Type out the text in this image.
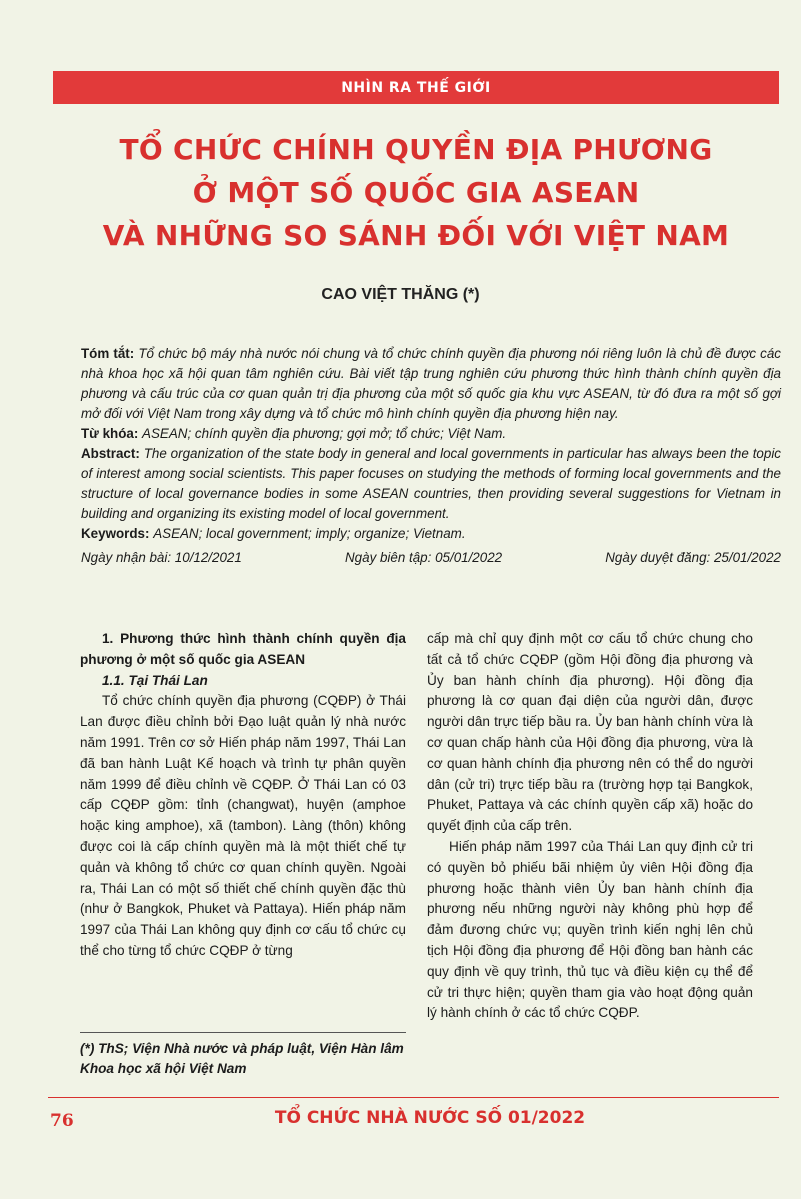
NHÌN RA THẾ GIỚI
TỔ CHỨC CHÍNH QUYỀN ĐỊA PHƯƠNG
Ở MỘT SỐ QUỐC GIA ASEAN
VÀ NHỮNG SO SÁNH ĐỐI VỚI VIỆT NAM
CAO VIỆT THĂNG (*)

Tóm tắt: Tổ chức bộ máy nhà nước nói chung và tổ chức chính quyền địa phương nói riêng luôn là chủ đề được các nhà khoa học xã hội quan tâm nghiên cứu. Bài viết tập trung nghiên cứu phương thức hình thành chính quyền địa phương và cấu trúc của cơ quan quản trị địa phương của một số quốc gia khu vực ASEAN, từ đó đưa ra một số gợi mở đối với Việt Nam trong xây dựng và tổ chức mô hình chính quyền địa phương hiện nay.

Từ khóa: ASEAN; chính quyền địa phương; gợi mở; tổ chức; Việt Nam.

Abstract: The organization of the state body in general and local governments in particular has always been the topic of interest among social scientists. This paper focuses on studying the methods of forming local governments and the structure of local governance bodies in some ASEAN countries, then providing several suggestions for Vietnam in building and organizing its existing model of local government.

Keywords: ASEAN; local government; imply; organize; Vietnam.

Ngày nhận bài: 10/12/2021	Ngày biên tập: 05/01/2022	Ngày duyệt đăng: 25/01/2022

1. Phương thức hình thành chính quyền địa phương ở một số quốc gia ASEAN

1.1. Tại Thái Lan

Tổ chức chính quyền địa phương (CQĐP) ở Thái Lan được điều chỉnh bởi Đạo luật quản lý nhà nước năm 1991. Trên cơ sở Hiến pháp năm 1997, Thái Lan đã ban hành Luật Kế hoạch và trình tự phân quyền năm 1999 để điều chỉnh về CQĐP. Ở Thái Lan có 03 cấp CQĐP gồm: tỉnh (changwat), huyện (amphoe hoặc king amphoe), xã (tambon). Làng (thôn) không được coi là cấp chính quyền mà là một thiết chế tự quản và không tổ chức cơ quan chính quyền. Ngoài ra, Thái Lan có một số thiết chế chính quyền đặc thù (như ở Bangkok, Phuket và Pattaya). Hiến pháp năm 1997 của Thái Lan không quy định cơ cấu tổ chức cụ thể cho từng tổ chức CQĐP ở từng

cấp mà chỉ quy định một cơ cấu tổ chức chung cho tất cả tổ chức CQĐP (gồm Hội đồng địa phương và Ủy ban hành chính địa phương). Hội đồng địa phương là cơ quan đại diện của người dân, được người dân trực tiếp bầu ra. Ủy ban hành chính vừa là cơ quan chấp hành của Hội đồng địa phương, vừa là cơ quan hành chính địa phương nên có thể do người dân (cử tri) trực tiếp bầu ra (trường hợp tại Bangkok, Phuket, Pattaya và các chính quyền cấp xã) hoặc do quyết định của cấp trên.

Hiến pháp năm 1997 của Thái Lan quy định cử tri có quyền bỏ phiếu bãi nhiệm ủy viên Hội đồng địa phương hoặc thành viên Ủy ban hành chính địa phương nếu những người này không phù hợp để đảm đương chức vụ; quyền trình kiến nghị lên chủ tịch Hội đồng địa phương để Hội đồng ban hành các quy định về quy trình, thủ tục và điều kiện cụ thể để cử tri thực hiện; quyền tham gia vào hoạt động quản lý hành chính ở các tổ chức CQĐP.

(*) ThS; Viện Nhà nước và pháp luật, Viện Hàn lâm Khoa học xã hội Việt Nam
76	TỔ CHỨC NHÀ NƯỚC SỐ 01/2022
